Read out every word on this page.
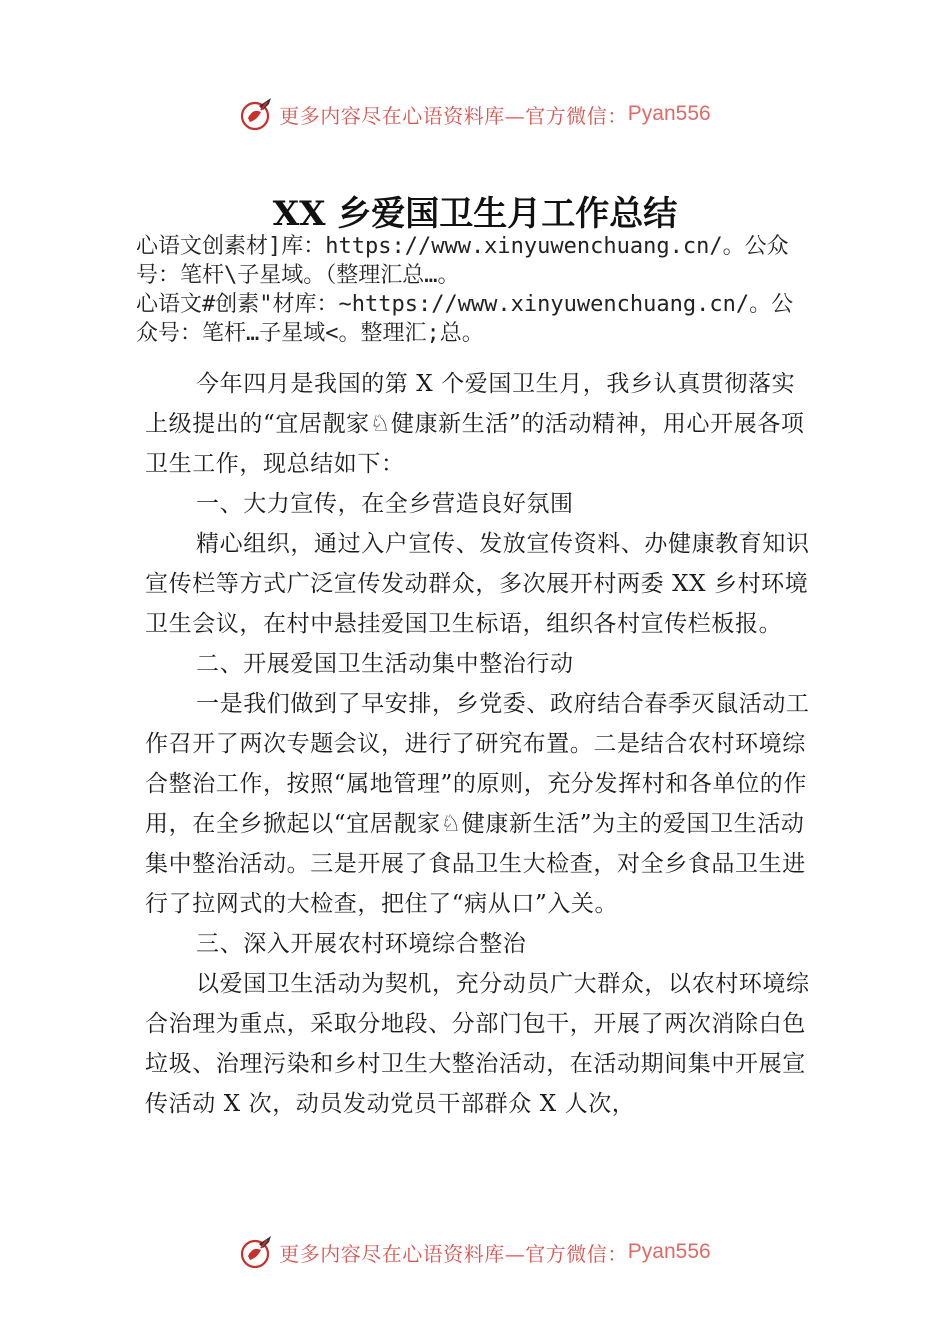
更多内容尽在心语资料库—官方微信： Pyan556
XX 乡爱国卫生月工作总结

心语文创素材]库：https://www.xinyuwenchuang.cn/。公众

号：笔杆\子星域。（整理汇总…。

心语文#创素"材库：~https://www.xinyuwenchuang.cn/。公

众号：笔杆…子星域<。整理汇;总。

今年四月是我国的第 X 个爱国卫生月，我乡认真贯彻落实上级提出的“宜居靓家♘健康新生活”的活动精神，用心开展各项卫生工作，现总结如下：

一、大力宣传，在全乡营造良好氛围

精心组织，通过入户宣传、发放宣传资料、办健康教育知识宣传栏等方式广泛宣传发动群众，多次展开村两委 XX 乡村环境卫生会议，在村中悬挂爱国卫生标语，组织各村宣传栏板报。

二、开展爱国卫生活动集中整治行动

一是我们做到了早安排，乡党委、政府结合春季灭鼠活动工作召开了两次专题会议，进行了研究布置。二是结合农村环境综合整治工作，按照“属地管理”的原则，充分发挥村和各单位的作用，在全乡掀起以“宜居靓家♘健康新生活”为主的爱国卫生活动集中整治活动。三是开展了食品卫生大检查，对全乡食品卫生进行了拉网式的大检查，把住了“病从口”入关。

三、深入开展农村环境综合整治

以爱国卫生活动为契机，充分动员广大群众，以农村环境综合治理为重点，采取分地段、分部门包干，开展了两次消除白色垃圾、治理污染和乡村卫生大整治活动，在活动期间集中开展宣传活动 X 次，动员发动党员干部群众 X 人次，

更多内容尽在心语资料库—官方微信： Pyan556
